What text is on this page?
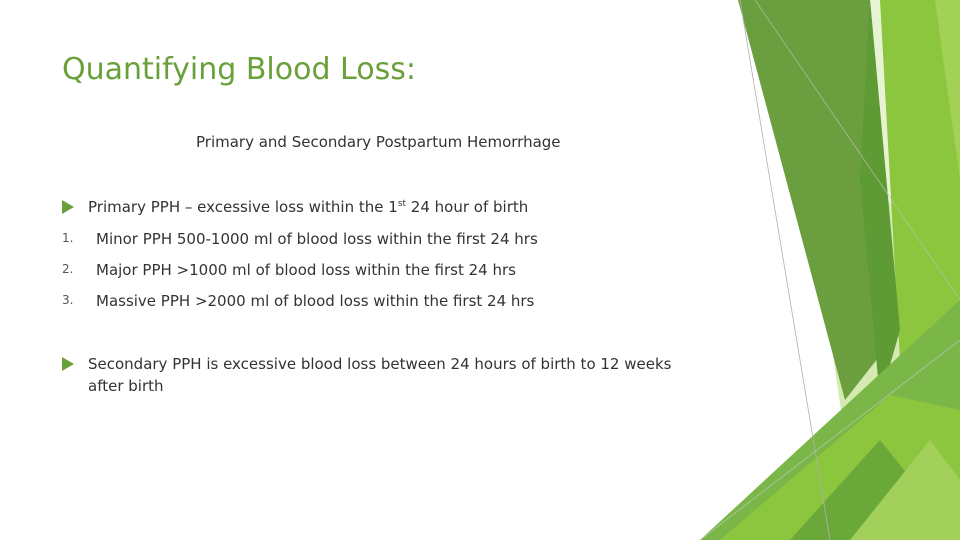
Quantifying Blood Loss:
Primary and Secondary Postpartum Hemorrhage
Primary PPH – excessive loss within the 1st 24 hour of birth
1. Minor PPH 500-1000 ml of blood loss within the first 24 hrs
2. Major PPH >1000 ml of blood loss within the first 24 hrs
3. Massive PPH >2000 ml of blood loss within the first 24 hrs
Secondary PPH is excessive blood loss between 24 hours of birth to 12 weeks
after birth
